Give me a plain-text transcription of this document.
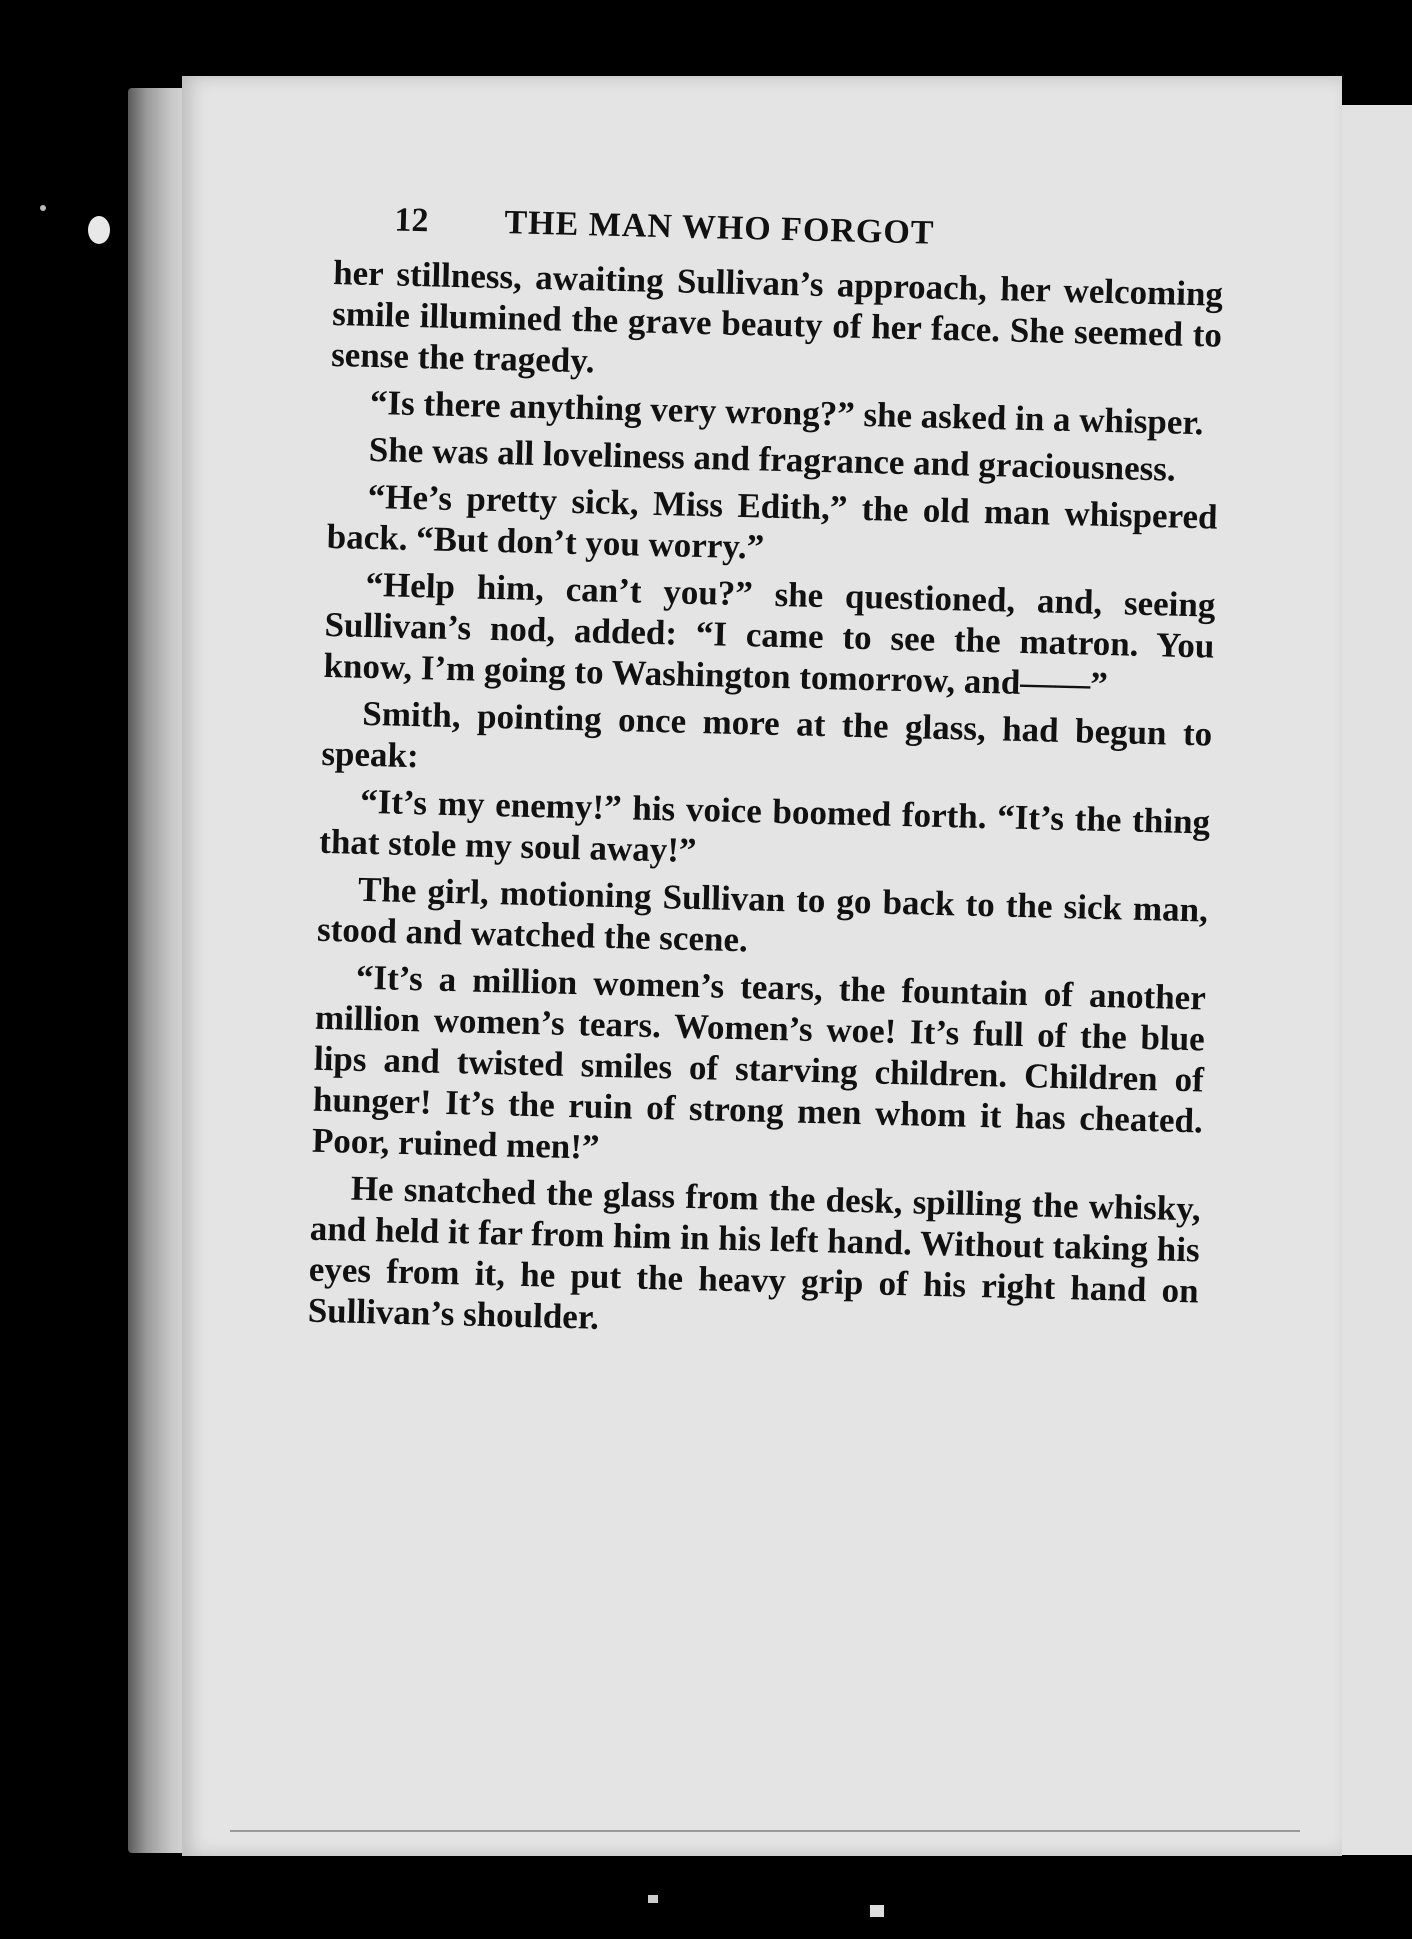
12	THE MAN WHO FORGOT

her stillness, awaiting Sullivan’s approach, her welcoming smile illumined the grave beauty of her face. She seemed to sense the tragedy.

“Is there anything very wrong?” she asked in a whisper.

She was all loveliness and fragrance and graciousness.

“He’s pretty sick, Miss Edith,” the old man whispered back. “But don’t you worry.”

“Help him, can’t you?” she questioned, and, seeing Sullivan’s nod, added: “I came to see the matron. You know, I’m going to Washington tomorrow, and——”

Smith, pointing once more at the glass, had begun to speak:

“It’s my enemy!” his voice boomed forth. “It’s the thing that stole my soul away!”

The girl, motioning Sullivan to go back to the sick man, stood and watched the scene.

“It’s a million women’s tears, the fountain of another million women’s tears. Women’s woe! It’s full of the blue lips and twisted smiles of starving children. Children of hunger! It’s the ruin of strong men whom it has cheated. Poor, ruined men!”

He snatched the glass from the desk, spilling the whisky, and held it far from him in his left hand. Without taking his eyes from it, he put the heavy grip of his right hand on Sullivan’s shoulder.
